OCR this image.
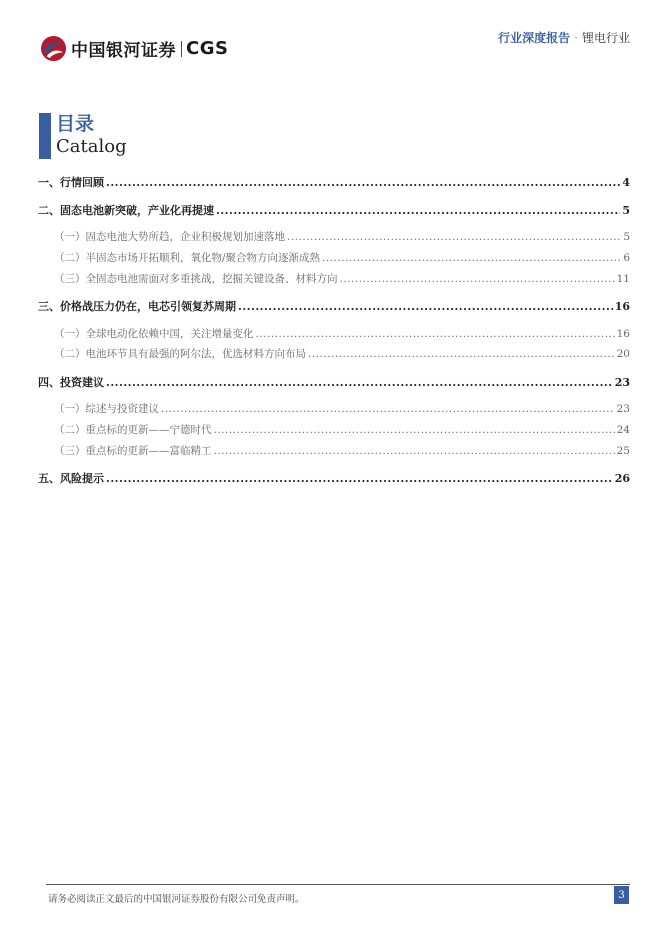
中国银河证券 CGS	行业深度报告 · 锂电行业
目录
Catalog
一、 行情回顾 .....	4
二、 固态电池新突破，产业化再提速 .....	5
（一） 固态电池大势所趋，企业积极规划加速落地 .....	5
（二） 半固态市场开拓顺利，氧化物/聚合物方向逐渐成熟 .....	6
（三） 全固态电池需面对多重挑战，挖掘关键设备、材料方向 .....	11
三、 价格战压力仍在，电芯引领复苏周期 .....	16
（一） 全球电动化依赖中国，关注增量变化 .....	16
（二） 电池环节具有最强的阿尔法，优选材料方向布局 .....	20
四、 投资建议 .....	23
（一） 综述与投资建议 .....	23
（二） 重点标的更新——宁德时代 .....	24
（三） 重点标的更新——富临精工 .....	25
五、 风险提示 .....	26
请务必阅读正文最后的中国银河证券股份有限公司免责声明。	3
